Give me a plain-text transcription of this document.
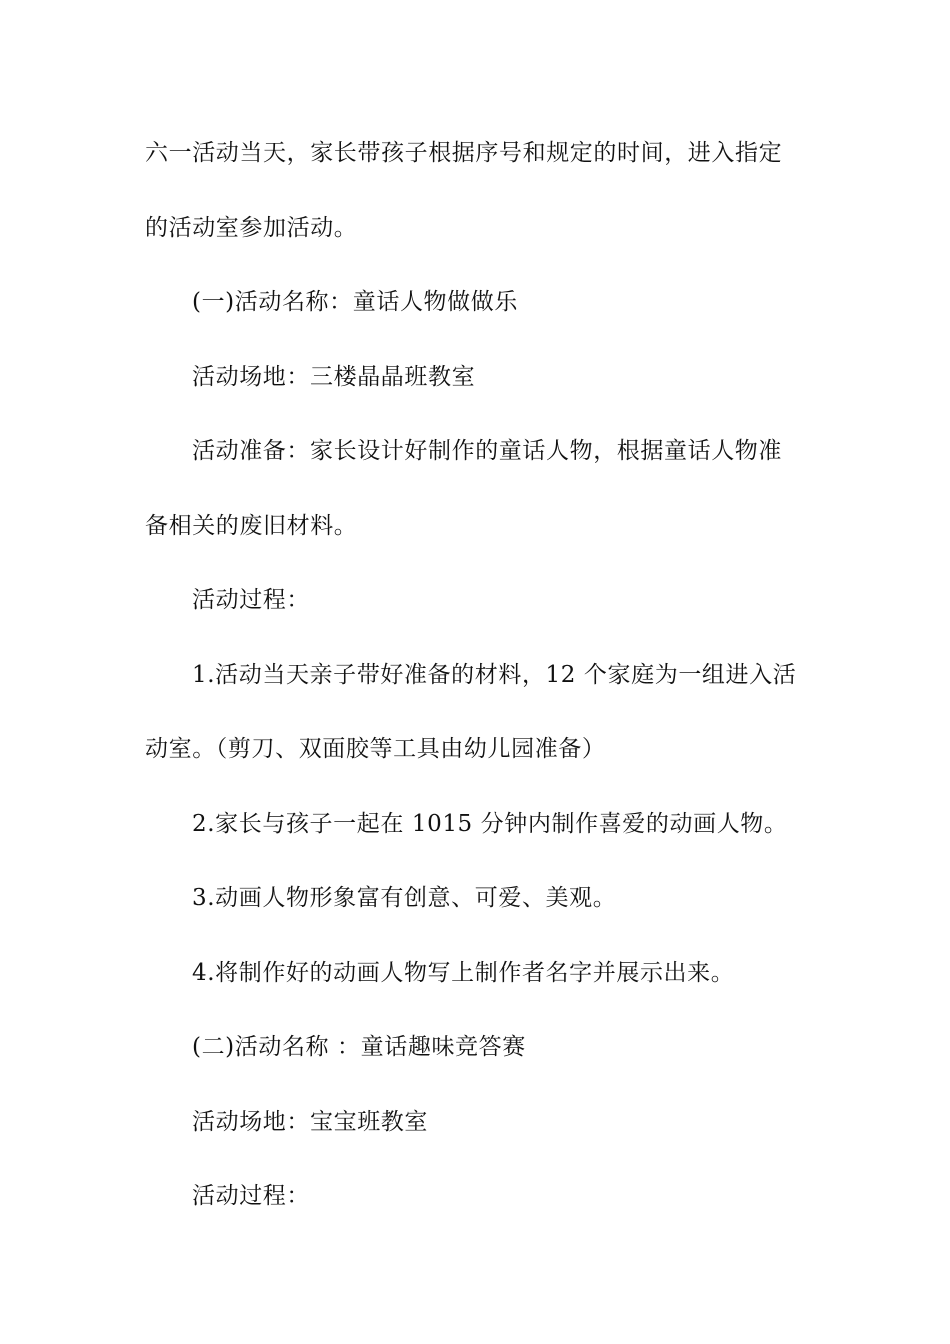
六一活动当天，家长带孩子根据序号和规定的时间，进入指定
的活动室参加活动。
(一)活动名称：童话人物做做乐
活动场地：三楼晶晶班教室
活动准备：家长设计好制作的童话人物，根据童话人物准
备相关的废旧材料。
活动过程：
1.活动当天亲子带好准备的材料，12 个家庭为一组进入活
动室。（剪刀、双面胶等工具由幼儿园准备）
2.家长与孩子一起在 1015 分钟内制作喜爱的动画人物。
3.动画人物形象富有创意、可爱、美观。
4.将制作好的动画人物写上制作者名字并展示出来。
(二)活动名称 ：童话趣味竞答赛
活动场地：宝宝班教室
活动过程：
